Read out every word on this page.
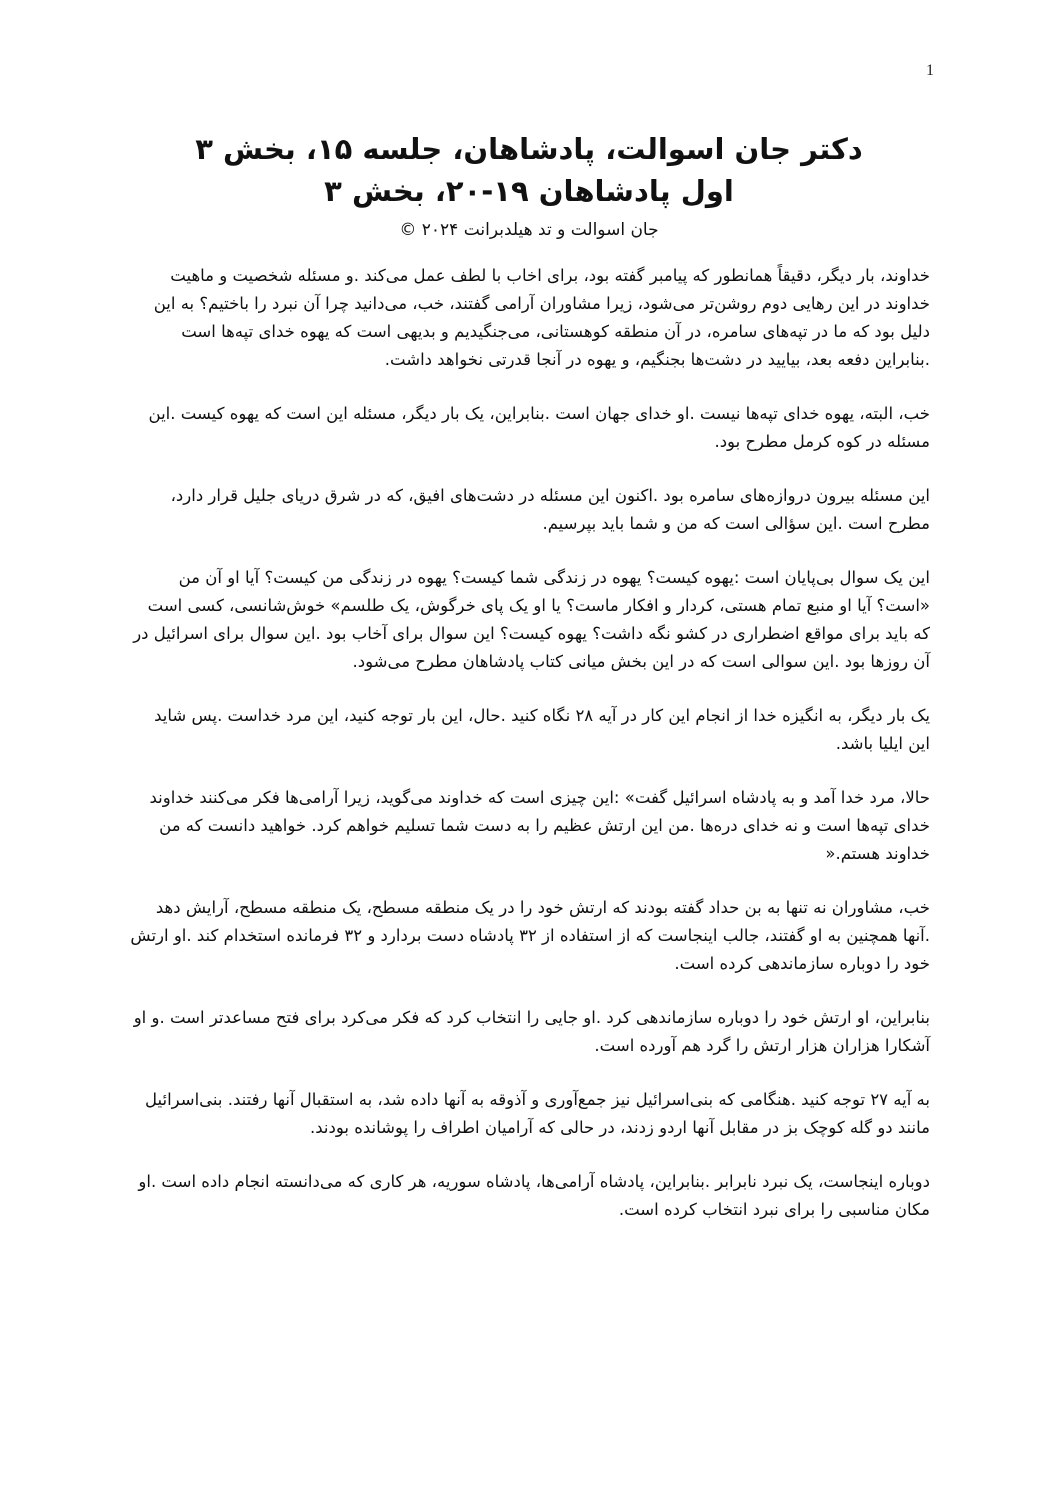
1

دکتر جان اسوالت، پادشاهان، جلسه ۱۵، بخش ۳

اول پادشاهان ۱۹-۲۰، بخش ۳

جان اسوالت و تد هیلدبرانت ۲۰۲۴ ©

خداوند، بار دیگر، دقیقاً همانطور که پیامبر گفته بود، برای اخاب با لطف عمل می‌کند .و مسئله شخصیت و ماهیت خداوند در این رهایی دوم روشن‌تر می‌شود، زیرا مشاوران آرامی گفتند، خب، می‌دانید چرا آن نبرد را باختیم؟ به این دلیل بود که ما در تپه‌های سامره، در آن منطقه کوهستانی، می‌جنگیدیم و بدیهی است که یهوه خدای تپه‌ها است .بنابراین دفعه بعد، بیایید در دشت‌ها بجنگیم، و یهوه در آنجا قدرتی نخواهد داشت.

خب، البته، یهوه خدای تپه‌ها نیست .او خدای جهان است .بنابراین، یک بار دیگر، مسئله این است که یهوه کیست .این مسئله در کوه کرمل مطرح بود.

این مسئله بیرون دروازه‌های سامره بود .اکنون این مسئله در دشت‌های افیق، که در شرق دریای جلیل قرار دارد، مطرح است .این سؤالی است که من و شما باید بپرسیم.

این یک سوال بی‌پایان است :یهوه کیست؟ یهوه در زندگی شما کیست؟ یهوه در زندگی من کیست؟ آیا او آن من «است؟ آیا او منبع تمام هستی، کردار و افکار ماست؟ یا او یک پای خرگوش، یک طلسم» خوش‌شانسی، کسی است که باید برای مواقع اضطراری در کشو نگه داشت؟ یهوه کیست؟ این سوال برای آخاب بود .این سوال برای اسرائیل در آن روزها بود .این سوالی است که در این بخش میانی کتاب پادشاهان مطرح می‌شود.

یک بار دیگر، به انگیزه خدا از انجام این کار در آیه ۲۸ نگاه کنید .حال، این بار توجه کنید، این مرد خداست .پس شاید این ایلیا باشد.

حالا، مرد خدا آمد و به پادشاه اسرائیل گفت» :این چیزی است که خداوند می‌گوید، زیرا آرامی‌ها فکر می‌کنند خداوند خدای تپه‌ها است و نه خدای دره‌ها .من این ارتش عظیم را به دست شما تسلیم خواهم کرد. خواهید دانست که من خداوند هستم.«

خب، مشاوران نه تنها به بن حداد گفته بودند که ارتش خود را در یک منطقه مسطح، یک منطقه مسطح، آرایش دهد .آنها همچنین به او گفتند، جالب اینجاست که از استفاده از ۳۲ پادشاه دست بردارد و ۳۲ فرمانده استخدام کند .او ارتش خود را دوباره سازماندهی کرده است.

بنابراین، او ارتش خود را دوباره سازماندهی کرد .او جایی را انتخاب کرد که فکر می‌کرد برای فتح مساعدتر است .و او آشکارا هزاران هزار ارتش را گرد هم آورده است.

به آیه ۲۷ توجه کنید .هنگامی که بنی‌اسرائیل نیز جمع‌آوری و آذوقه به آنها داده شد، به استقبال آنها رفتند. بنی‌اسرائیل مانند دو گله کوچک بز در مقابل آنها اردو زدند، در حالی که آرامیان اطراف را پوشانده بودند.

دوباره اینجاست، یک نبرد نابرابر .بنابراین، پادشاه آرامی‌ها، پادشاه سوریه، هر کاری که می‌دانسته انجام داده است .او مکان مناسبی را برای نبرد انتخاب کرده است.
